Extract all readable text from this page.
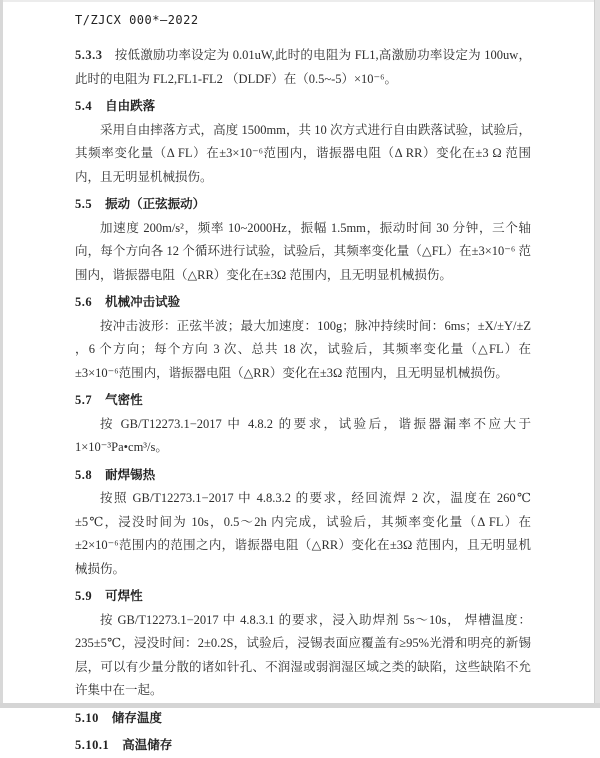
T/ZJCX 000*—2022
5.3.3 按低激励功率设定为 0.01uW,此时的电阻为 FL1,高激励功率设定为 100uw， 此时的电阻为 FL2,FL1-FL2 （DLDF）在（0.5~-5）×10⁻⁶。
5.4 自由跌落
采用自由摔落方式，高度 1500mm，共 10 次方式进行自由跌落试验，试验后，其频率变化量（Δ FL）在±3×10⁻⁶范围内，谐振器电阻（Δ RR）变化在±3 Ω 范围内，且无明显机械损伤。
5.5 振动（正弦振动）
加速度 200m/s²，频率 10~2000Hz，振幅 1.5mm，振动时间 30 分钟，三个轴向，每个方向各 12 个循环进行试验，试验后，其频率变化量（△FL）在±3×10⁻⁶ 范围内，谐振器电阻（△RR）变化在±3Ω 范围内，且无明显机械损伤。
5.6 机械冲击试验
按冲击波形：正弦半波；最大加速度：100g；脉冲持续时间：6ms；±X/±Y/±Z ，6 个方向；每个方向 3 次、总共 18 次，试验后，其频率变化量（△FL）在±3×10⁻⁶范围内，谐振器电阻（△RR）变化在±3Ω 范围内，且无明显机械损伤。
5.7 气密性
按 GB/T12273.1−2017 中 4.8.2 的要求，试验后，谐振器漏率不应大于 1×10⁻³Pa•cm³/s。
5.8 耐焊锡热
按照 GB/T12273.1−2017 中 4.8.3.2 的要求，经回流焊 2 次，温度在 260℃±5℃，浸没时间为 10s，0.5～2h 内完成，试验后，其频率变化量（Δ FL）在±2×10⁻⁶范围内的范围之内，谐振器电阻（△RR）变化在±3Ω 范围内，且无明显机械损伤。
5.9 可焊性
按 GB/T12273.1−2017 中 4.8.3.1 的要求，浸入助焊剂 5s～10s， 焊槽温度：235±5℃，浸没时间：2±0.2S，试验后，浸锡表面应覆盖有≥95%光滑和明亮的新锡层，可以有少量分散的诸如针孔、不润湿或弱润湿区域之类的缺陷，这些缺陷不允许集中在一起。
5.10 储存温度
5.10.1 高温储存
